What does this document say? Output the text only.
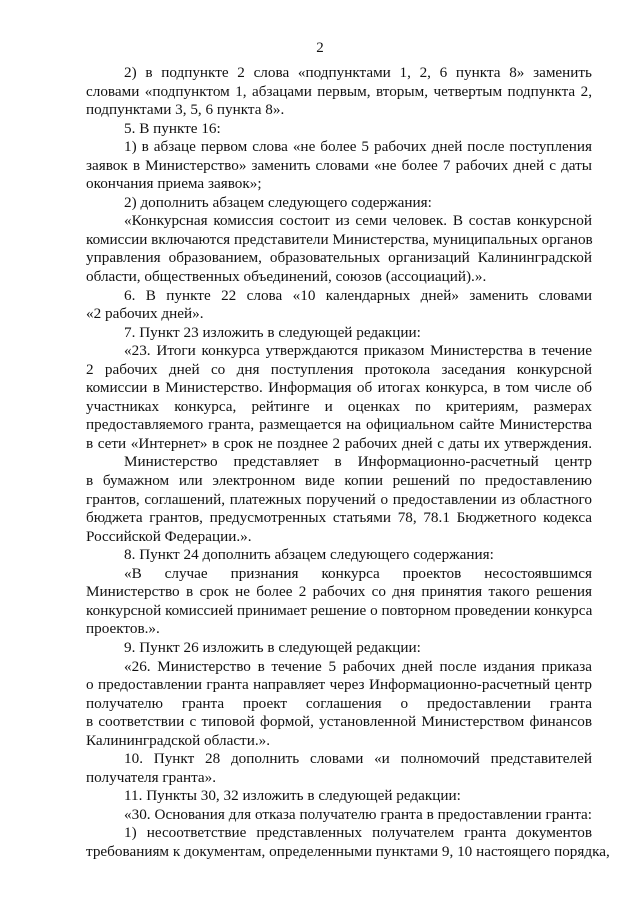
2
2) в подпункте 2 слова «подпунктами 1, 2, 6 пункта 8» заменить
словами «подпунктом 1, абзацами первым, вторым, четвертым подпункта 2,
подпунктами 3, 5, 6 пункта 8».
5. В пункте 16:
1) в абзаце первом слова «не более 5 рабочих дней после поступления
заявок в Министерство» заменить словами «не более 7 рабочих дней с даты
окончания приема заявок»;
2) дополнить абзацем следующего содержания:
«Конкурсная комиссия состоит из семи человек. В состав конкурсной
комиссии включаются представители Министерства, муниципальных органов
управления образованием, образовательных организаций Калининградской
области, общественных объединений, союзов (ассоциаций).».
6. В пункте 22 слова «10 календарных дней» заменить словами
«2 рабочих дней».
7. Пункт 23 изложить в следующей редакции:
«23. Итоги конкурса утверждаются приказом Министерства в течение
2 рабочих дней со дня поступления протокола заседания конкурсной
комиссии в Министерство. Информация об итогах конкурса, в том числе об
участниках конкурса, рейтинге и оценках по критериям, размерах
предоставляемого гранта, размещается на официальном сайте Министерства
в сети «Интернет» в срок не позднее 2 рабочих дней с даты их утверждения.
Министерство представляет в Информационно-расчетный центр
в бумажном или электронном виде копии решений по предоставлению
грантов, соглашений, платежных поручений о предоставлении из областного
бюджета грантов, предусмотренных статьями 78, 78.1 Бюджетного кодекса
Российской Федерации.».
8. Пункт 24 дополнить абзацем следующего содержания:
«В случае признания конкурса проектов несостоявшимся
Министерство в срок не более 2 рабочих со дня принятия такого решения
конкурсной комиссией принимает решение о повторном проведении конкурса
проектов.».
9. Пункт 26 изложить в следующей редакции:
«26. Министерство в течение 5 рабочих дней после издания приказа
о предоставлении гранта направляет через Информационно-расчетный центр
получателю гранта проект соглашения о предоставлении гранта
в соответствии с типовой формой, установленной Министерством финансов
Калининградской области.».
10. Пункт 28 дополнить словами «и полномочий представителей
получателя гранта».
11. Пункты 30, 32 изложить в следующей редакции:
«30. Основания для отказа получателю гранта в предоставлении гранта:
1) несоответствие представленных получателем гранта документов
требованиям к документам, определенными пунктами 9, 10 настоящего порядка,
